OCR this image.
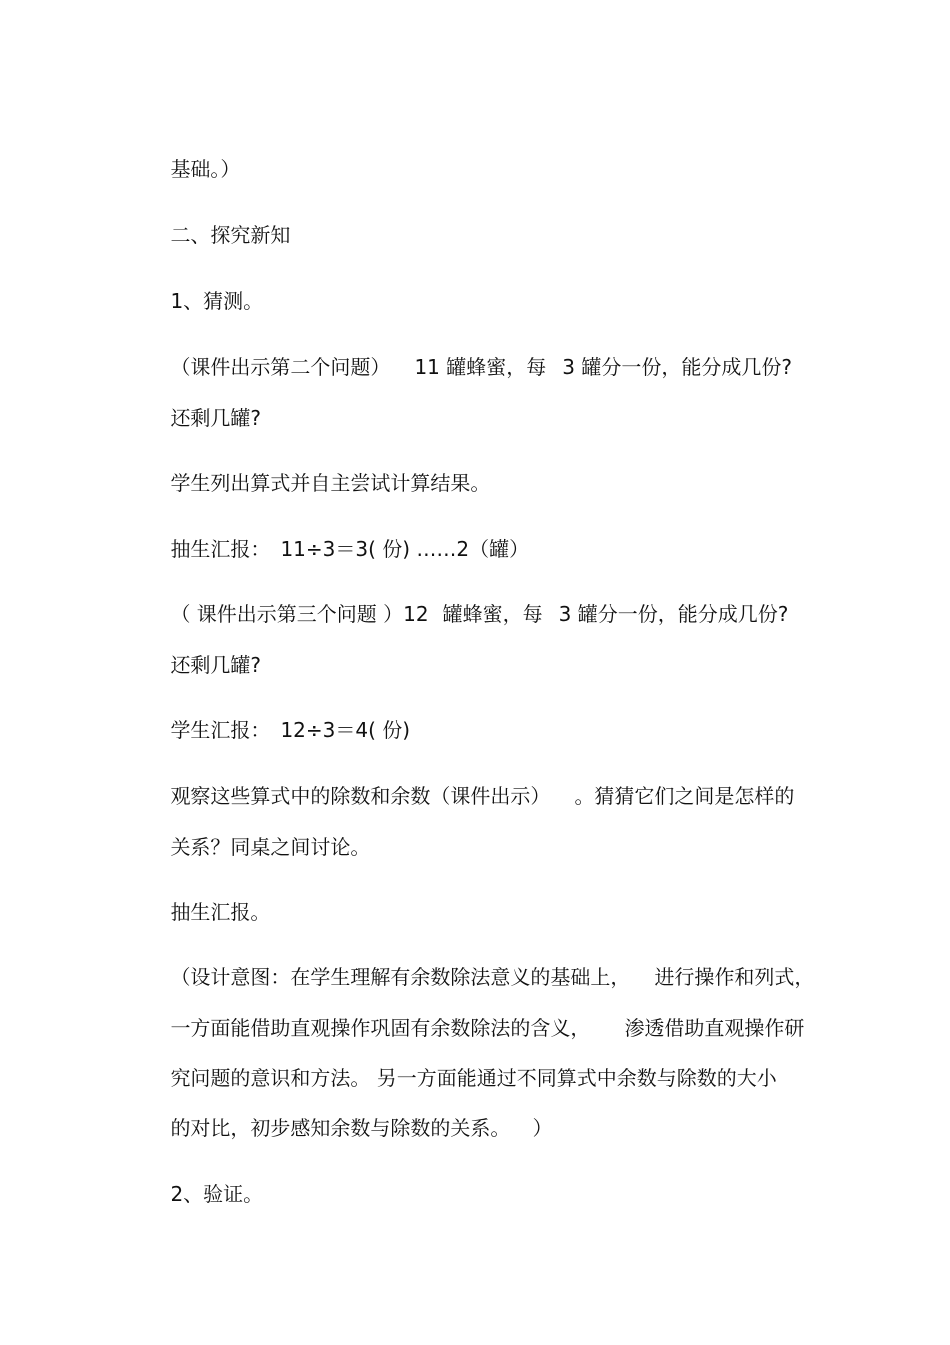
基础。）

二、探究新知

1、猜测。

（课件出示第二个问题） 11 罐蜂蜜，每 3 罐分一份，能分成几份?

还剩几罐?

学生列出算式并自主尝试计算结果。

抽生汇报： 11÷3＝3( 份) ……2（罐）

（ 课件出示第三个问题 ）12 罐蜂蜜，每 3 罐分一份，能分成几份?

还剩几罐?

学生汇报： 12÷3＝4( 份)

观察这些算式中的除数和余数（课件出示） 。猜猜它们之间是怎样的

关系？同桌之间讨论。

抽生汇报。

（设计意图：在学生理解有余数除法意义的基础上， 进行操作和列式，

一方面能借助直观操作巩固有余数除法的含义， 渗透借助直观操作研

究问题的意识和方法。 另一方面能通过不同算式中余数与除数的大小

的对比，初步感知余数与除数的关系。 ）

2、验证。
